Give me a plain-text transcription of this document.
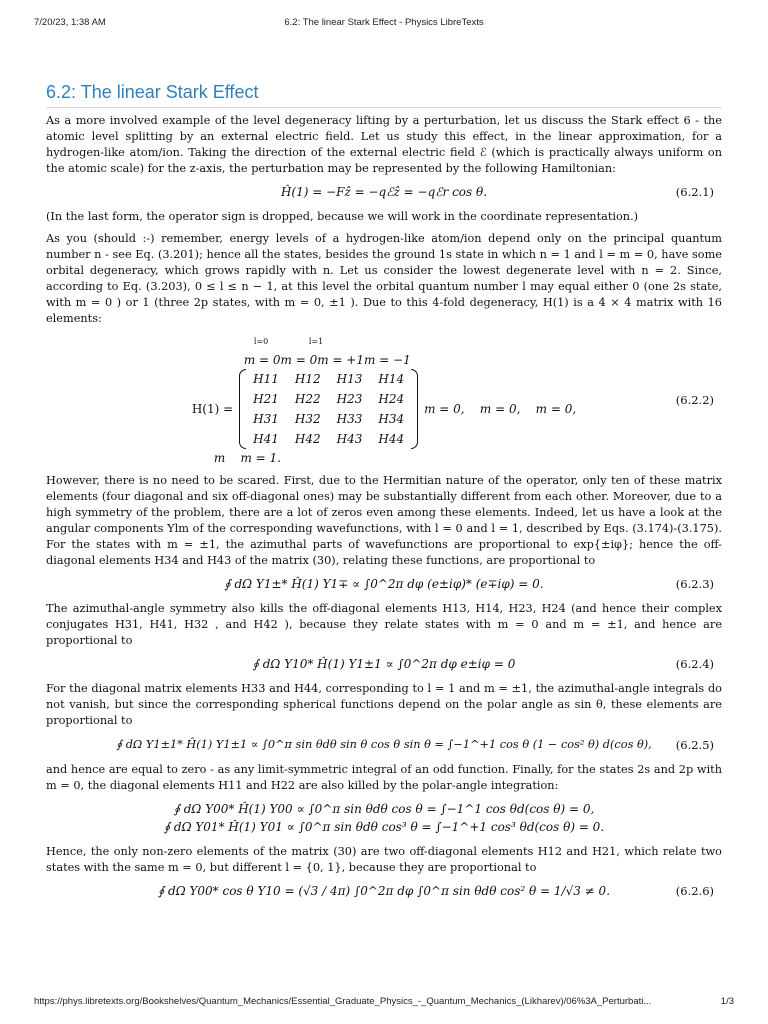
7/20/23, 1:38 AM	6.2: The linear Stark Effect - Physics LibreTexts
6.2: The linear Stark Effect

As a more involved example of the level degeneracy lifting by a perturbation, let us discuss the Stark effect 6 - the atomic level splitting by an external electric field. Let us study this effect, in the linear approximation, for a hydrogen-like atom/ion. Taking the direction of the external electric field ℰ (which is practically always uniform on the atomic scale) for the z-axis, the perturbation may be represented by the following Hamiltonian:

Ĥ(1) = −Fẑ = −qℰẑ = −qℰr cos θ.	(6.2.1)

(In the last form, the operator sign is dropped, because we will work in the coordinate representation.)

As you (should :-) remember, energy levels of a hydrogen-like atom/ion depend only on the principal quantum number n - see Eq. (3.201); hence all the states, besides the ground 1s state in which n = 1 and l = m = 0, have some orbital degeneracy, which grows rapidly with n. Let us consider the lowest degenerate level with n = 2. Since, according to Eq. (3.203), 0 ≤ l ≤ n − 1, at this level the orbital quantum number l may equal either 0 (one 2s state, with m = 0 ) or 1 (three 2p states, with m = 0, ±1 ). Due to this 4-fold degeneracy, H(1) is a 4 × 4 matrix with 16 elements:

l=0                l=1
m = 0m = 0m = +1m = −1
H(1) =
H11	H12	H13	H14
H21	H22	H23	H24
H31	H32	H33	H34
H41	H42	H43	H44
m = 0,    m = 0,    m = 0,
m    m = 1.
(6.2.2)

However, there is no need to be scared. First, due to the Hermitian nature of the operator, only ten of these matrix elements (four diagonal and six off-diagonal ones) may be substantially different from each other. Moreover, due to a high symmetry of the problem, there are a lot of zeros even among these elements. Indeed, let us have a look at the angular components Ylm of the corresponding wavefunctions, with l = 0 and l = 1, described by Eqs. (3.174)-(3.175). For the states with m = ±1, the azimuthal parts of wavefunctions are proportional to exp{±iφ}; hence the off-diagonal elements H34 and H43 of the matrix (30), relating these functions, are proportional to

∮ dΩ Y1±* Ĥ(1) Y1∓ ∝ ∫0^2π dφ (e±iφ)* (e∓iφ) = 0.	(6.2.3)

The azimuthal-angle symmetry also kills the off-diagonal elements H13, H14, H23, H24 (and hence their complex conjugates H31, H41, H32 , and H42 ), because they relate states with m = 0 and m = ±1, and hence are proportional to

∮ dΩ Y10* Ĥ(1) Y1±1 ∝ ∫0^2π dφ e±iφ = 0	(6.2.4)

For the diagonal matrix elements H33 and H44, corresponding to l = 1 and m = ±1, the azimuthal-angle integrals do not vanish, but since the corresponding spherical functions depend on the polar angle as sin θ, these elements are proportional to

∮ dΩ Y1±1* Ĥ(1) Y1±1 ∝ ∫0^π sin θdθ sin θ cos θ sin θ = ∫−1^+1 cos θ (1 − cos² θ) d(cos θ), (6.2.5)

and hence are equal to zero - as any limit-symmetric integral of an odd function. Finally, for the states 2s and 2p with m = 0, the diagonal elements H11 and H22 are also killed by the polar-angle integration:

∮ dΩ Y00* Ĥ(1) Y00 ∝ ∫0^π sin θdθ cos θ = ∫−1^1 cos θd(cos θ) = 0,
∮ dΩ Y01* Ĥ(1) Y01 ∝ ∫0^π sin θdθ cos³ θ = ∫−1^+1 cos³ θd(cos θ) = 0.

Hence, the only non-zero elements of the matrix (30) are two off-diagonal elements H12 and H21, which relate two states with the same m = 0, but different l = {0, 1}, because they are proportional to

∮ dΩ Y00* cos θ Y10 = (√3 / 4π) ∫0^2π dφ ∫0^π sin θdθ cos² θ = 1/√3 ≠ 0.	(6.2.6)
https://phys.libretexts.org/Bookshelves/Quantum_Mechanics/Essential_Graduate_Physics_-_Quantum_Mechanics_(Likharev)/06%3A_Perturbati...	1/3
